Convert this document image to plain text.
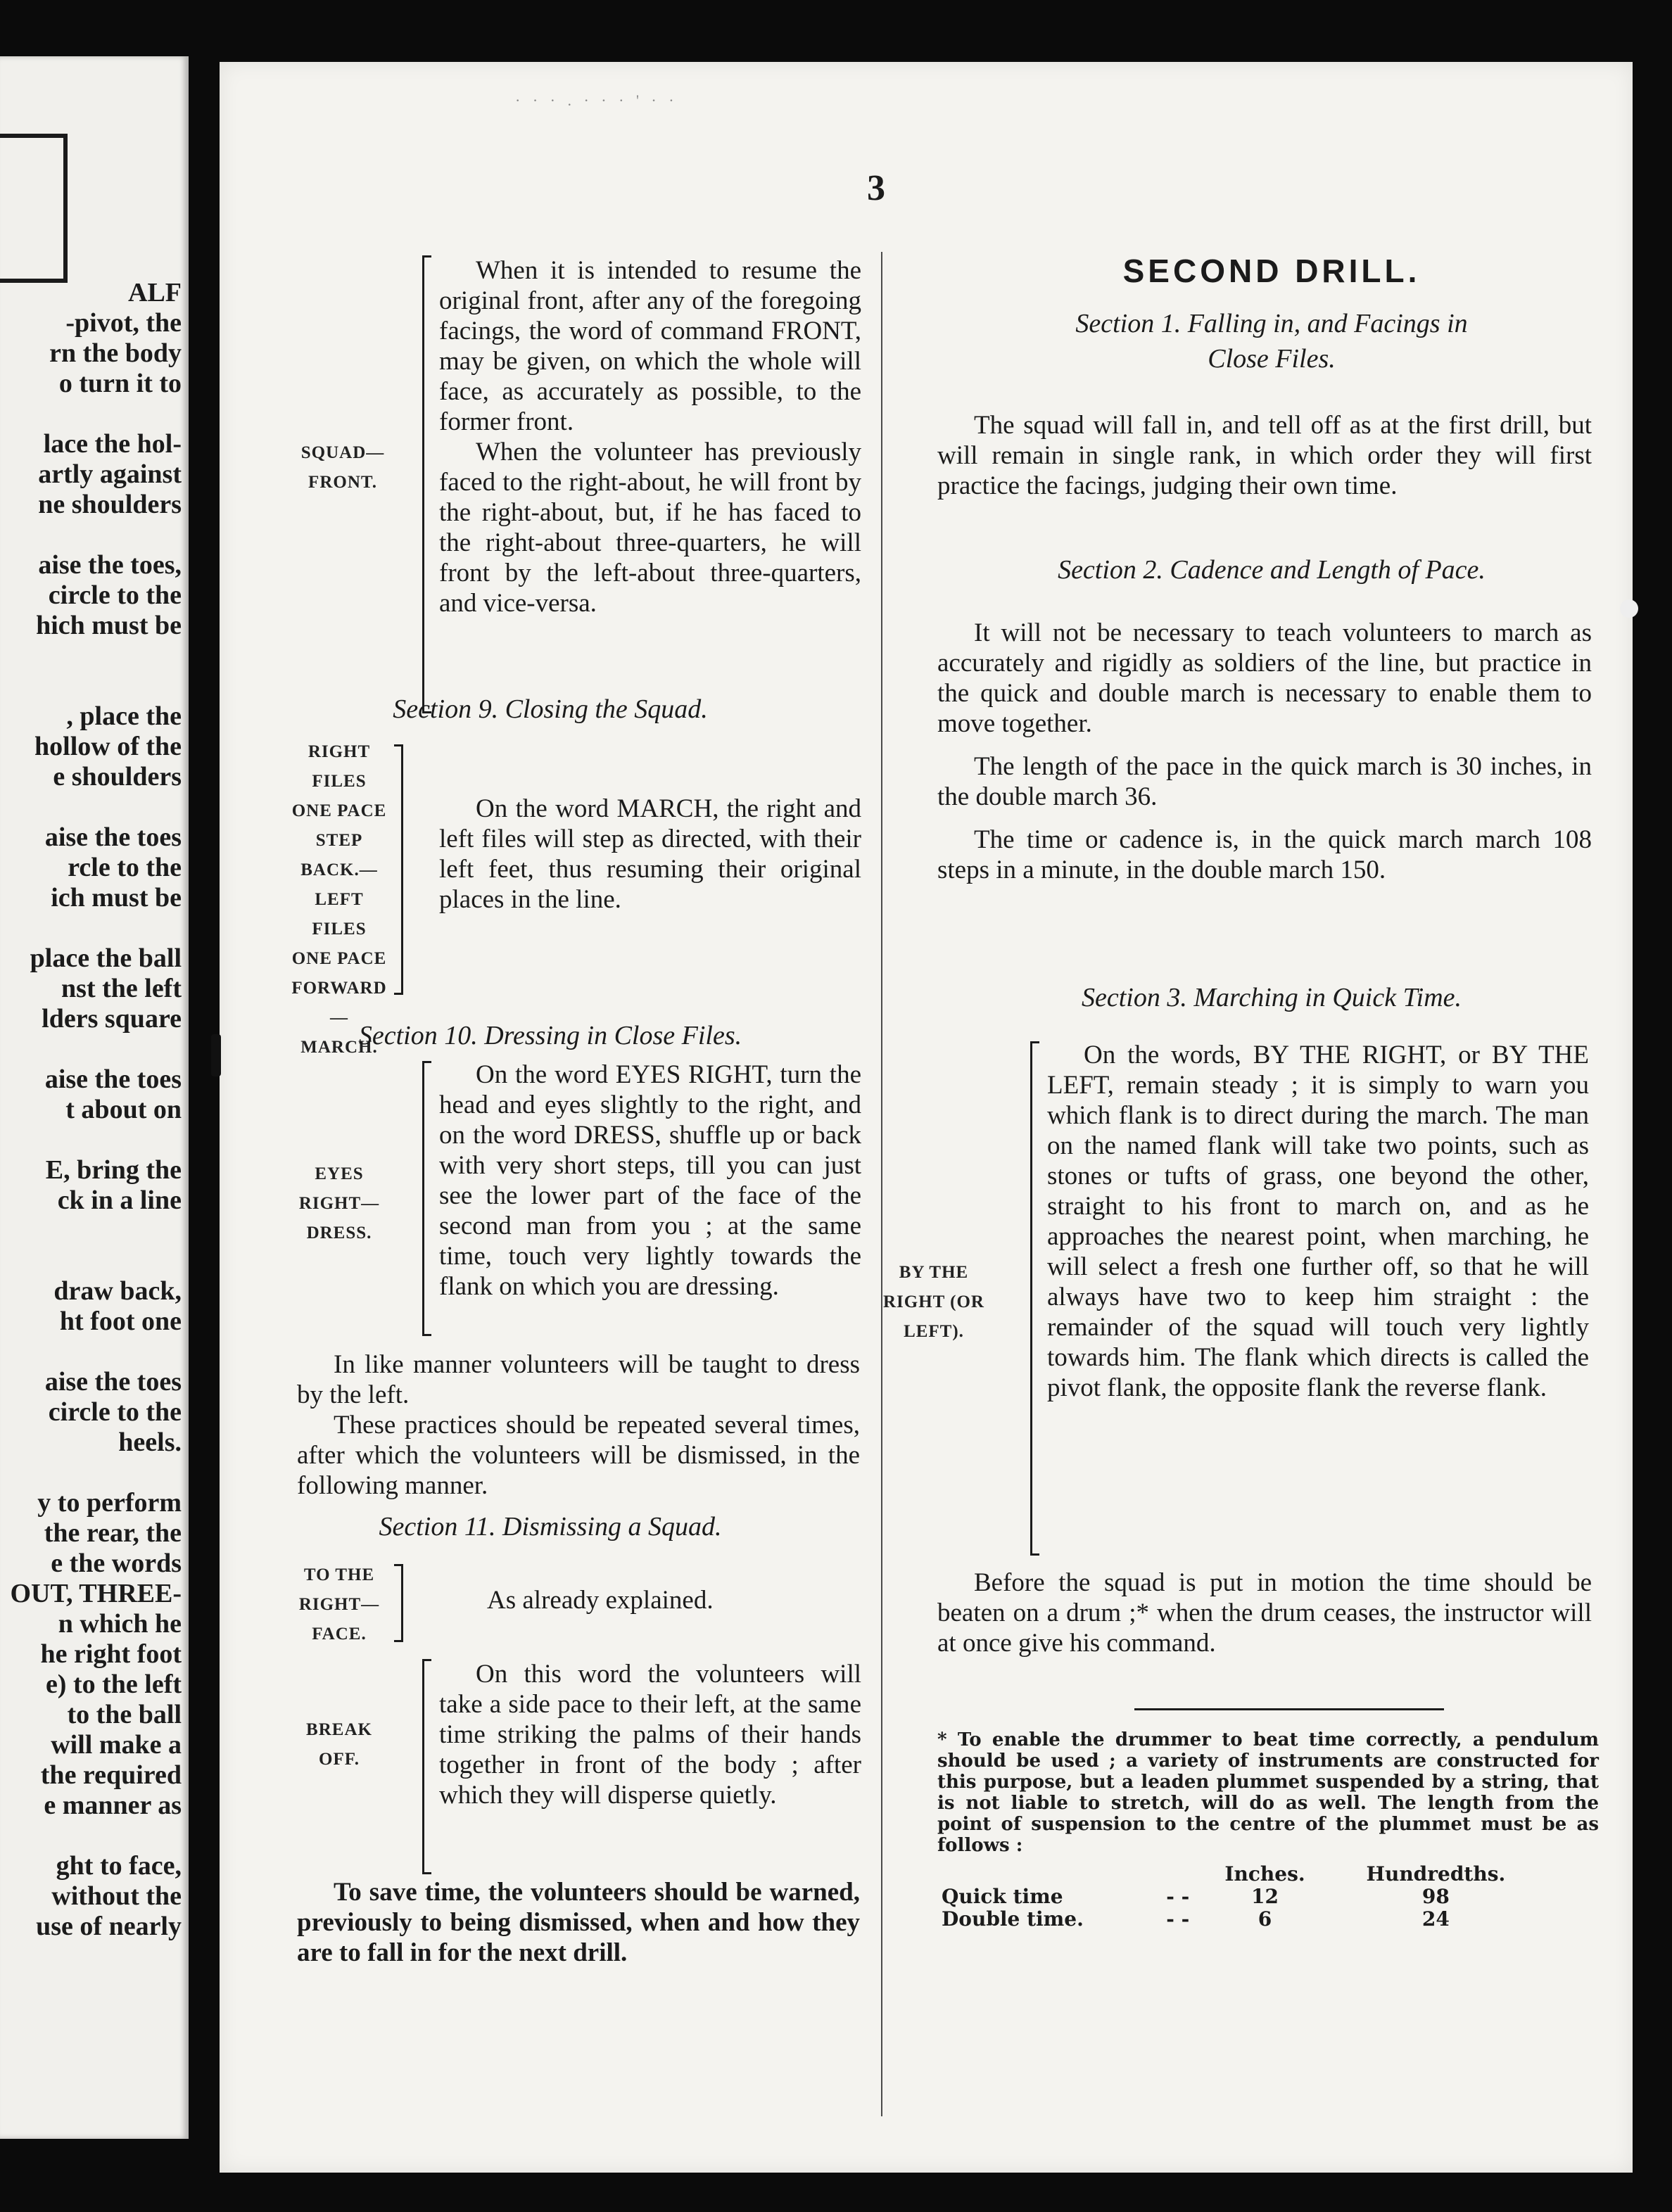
ALF
-pivot, the
rn the body
o turn it to
lace the hol-
artly against
ne shoulders
aise the toes,
circle to the
hich must be
, place the
hollow of the
e shoulders
aise the toes
rcle to the
ich must be
place the ball
nst the left
lders square
aise the toes
t about on
E, bring the
ck in a line
draw back,
ht foot one
aise the toes
circle to the
heels.
y to perform
the rear, the
e the words
OUT, THREE-
n which he
he right foot
e) to the left
to the ball
will make a
the required
e manner as
ght to face,
without the
use of nearly
· · · . · · · ' · ·
3
SQUAD— FRONT.

When it is intended to resume the original front, after any of the foregoing facings, the word of command FRONT, may be given, on which the whole will face, as accurately as possible, to the former front.

When the volunteer has previously faced to the right-about, he will front by the right-about, but, if he has faced to the right-about three-quarters, he will front by the left-about three-quarters, and vice-versa.

Section 9. Closing the Squad.
RIGHT FILES ONE PACE STEP BACK.— LEFT FILES ONE PACE FORWARD— MARCH.

On the word MARCH, the right and left files will step as directed, with their left feet, thus resuming their original places in the line.

Section 10. Dressing in Close Files.
EYES RIGHT— DRESS.

On the word EYES RIGHT, turn the head and eyes slightly to the right, and on the word DRESS, shuffle up or back with very short steps, till you can just see the lower part of the face of the second man from you ; at the same time, touch very lightly towards the flank on which you are dressing.

In like manner volunteers will be taught to dress by the left.

These practices should be repeated several times, after which the volunteers will be dismissed, in the following manner.

Section 11. Dismissing a Squad.
TO THE RIGHT— FACE.

As already explained.

BREAK OFF.

On this word the volunteers will take a side pace to their left, at the same time striking the palms of their hands together in front of the body ; after which they will disperse quietly.

To save time, the volunteers should be warned, previously to being dismissed, when and how they are to fall in for the next drill.

SECOND DRILL.
Section 1. Falling in, and Facings in
Close Files.

The squad will fall in, and tell off as at the first drill, but will remain in single rank, in which order they will first practice the facings, judging their own time.

Section 2. Cadence and Length of Pace.

It will not be necessary to teach volunteers to march as accurately and rigidly as soldiers of the line, but practice in the quick and double march is necessary to enable them to move together.

The length of the pace in the quick march is 30 inches, in the double march 36.

The time or cadence is, in the quick march march 108 steps in a minute, in the double march 150.

Section 3. Marching in Quick Time.
BY THE RIGHT (OR LEFT).

On the words, BY THE RIGHT, or BY THE LEFT, remain steady ; it is simply to warn you which flank is to direct during the march. The man on the named flank will take two points, such as stones or tufts of grass, one beyond the other, straight to his front to march on, and as he approaches the nearest point, when marching, he will select a fresh one further off, so that he will always have two to keep him straight : the remainder of the squad will touch very lightly towards him. The flank which directs is called the pivot flank, the opposite flank the reverse flank.

Before the squad is put in motion the time should be beaten on a drum ;* when the drum ceases, the instructor will at once give his command.

* To enable the drummer to beat time correctly, a pendulum should be used ; a variety of instruments are constructed for this purpose, but a leaden plummet suspended by a string, that is not liable to stretch, will do as well. The length from the point of suspension to the centre of the plummet must be as follows :
		Inches.	Hundredths.
Quick time	- -	12	98
Double time.	- -	6	24
